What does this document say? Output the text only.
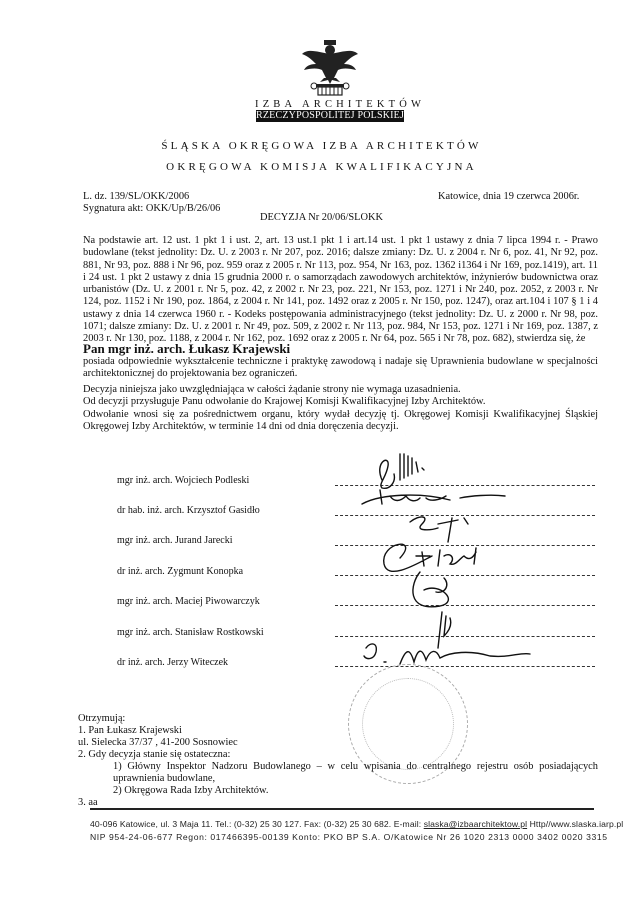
IZBA ARCHITEKTÓW
RZECZYPOSPOLITEJ POLSKIEJ
ŚLĄSKA OKRĘGOWA IZBA ARCHITEKTÓW
OKRĘGOWA KOMISJA KWALIFIKACYJNA
L. dz. 139/SL/OKK/2006
Sygnatura akt: OKK/Up/B/26/06
Katowice, dnia 19 czerwca 2006r.
DECYZJA Nr 20/06/SLOKK
Na podstawie art. 12 ust. 1 pkt 1 i ust. 2, art. 13 ust.1 pkt 1 i art.14 ust. 1 pkt 1 ustawy z dnia 7 lipca 1994 r. - Prawo budowlane (tekst jednolity: Dz. U. z 2003 r. Nr 207, poz. 2016; dalsze zmiany: Dz. U. z 2004 r. Nr 6, poz. 41, Nr 92, poz. 881, Nr 93, poz. 888 i Nr 96, poz. 959 oraz z 2005 r. Nr 113, poz. 954, Nr 163, poz. 1362 i1364 i Nr 169, poz.1419), art. 11 i 24 ust. 1 pkt 2 ustawy z dnia 15 grudnia 2000 r. o samorządach zawodowych architektów, inżynierów budownictwa oraz urbanistów (Dz. U. z 2001 r. Nr 5, poz. 42, z 2002 r. Nr 23, poz. 221, Nr 153, poz. 1271 i Nr 240, poz. 2052, z 2003 r. Nr 124, poz. 1152 i Nr 190, poz. 1864, z 2004 r. Nr 141, poz. 1492 oraz z 2005 r. Nr 150, poz. 1247), oraz art.104 i 107 § 1 i 4 ustawy z dnia 14 czerwca 1960 r. - Kodeks postępowania administracyjnego (tekst jednolity: Dz. U. z 2000 r. Nr 98, poz. 1071; dalsze zmiany: Dz. U. z 2001 r. Nr 49, poz. 509, z 2002 r. Nr 113, poz. 984, Nr 153, poz. 1271 i Nr 169, poz. 1387, z 2003 r. Nr 130, poz. 1188, z 2004 r. Nr 162, poz. 1692 oraz z 2005 r. Nr 64, poz. 565 i Nr 78, poz. 682), stwierdza się, że
Pan mgr inż. arch. Łukasz Krajewski
posiada odpowiednie wykształcenie techniczne i praktykę zawodową i nadaje się Uprawnienia budowlane w specjalności architektonicznej do projektowania bez ograniczeń.
Decyzja niniejsza jako uwzględniająca w całości żądanie strony nie wymaga uzasadnienia.
Od decyzji przysługuje Panu odwołanie do Krajowej Komisji Kwalifikacyjnej Izby Architektów.
Odwołanie wnosi się za pośrednictwem organu, który wydał decyzję tj. Okręgowej Komisji Kwalifikacyjnej Śląskiej Okręgowej Izby Architektów, w terminie 14 dni od dnia doręczenia decyzji.
mgr inż. arch. Wojciech Podleski
dr hab. inż. arch. Krzysztof Gasidło
mgr inż. arch. Jurand Jarecki
dr inż. arch. Zygmunt Konopka
mgr inż. arch. Maciej Piwowarczyk
mgr inż. arch. Stanisław Rostkowski
dr inż. arch. Jerzy Witeczek
Otrzymują:
1. Pan Łukasz Krajewski
ul. Sielecka 37/37 , 41-200 Sosnowiec
2. Gdy decyzja stanie się ostateczna:
1) Główny Inspektor Nadzoru Budowlanego – w celu wpisania do centralnego rejestru osób posiadających uprawnienia budowlane,
2) Okręgowa Rada Izby Architektów.
3. aa
40-096 Katowice, ul. 3 Maja 11. Tel.: (0-32) 25 30 127. Fax: (0-32) 25 30 682. E-mail: slaska@izbaarchitektow.pl Http//www.slaska.iarp.pl
NIP 954-24-06-677 Regon: 017466395-00139 Konto: PKO BP S.A. O/Katowice Nr 26 1020 2313 0000 3402 0020 3315
